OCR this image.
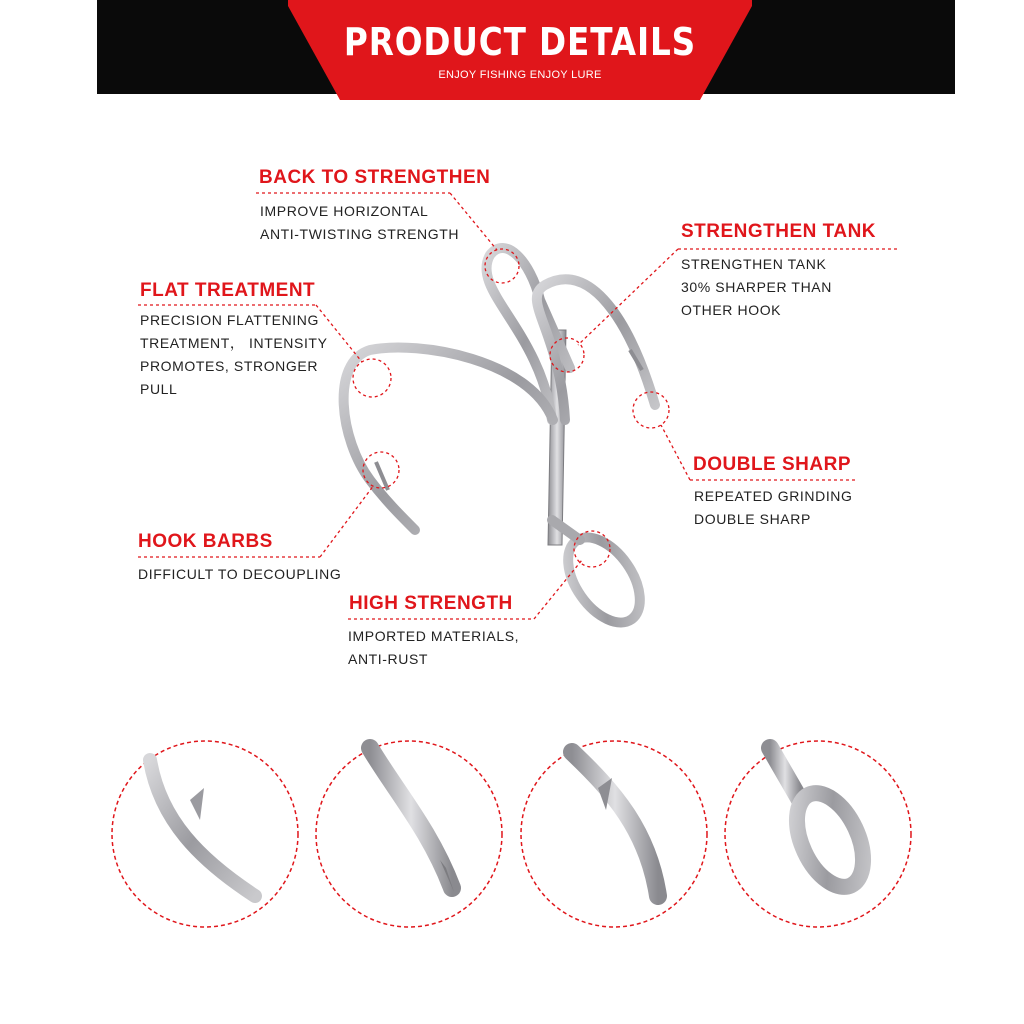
PRODUCT DETAILS
ENJOY FISHING ENJOY LURE
BACK TO STRENGTHEN
IMPROVE HORIZONTAL
ANTI-TWISTING STRENGTH	STRENGTHEN TANK
STRENGTHEN TANK
30% SHARPER THAN
OTHER HOOK
FLAT TREATMENT
PRECISION FLATTENING
TREATMENT， INTENSITY
PROMOTES, STRONGER
PULL
DOUBLE SHARP
REPEATED GRINDING
DOUBLE SHARP
HOOK BARBS
DIFFICULT TO DECOUPLING
HIGH STRENGTH
IMPORTED MATERIALS,
ANTI-RUST
